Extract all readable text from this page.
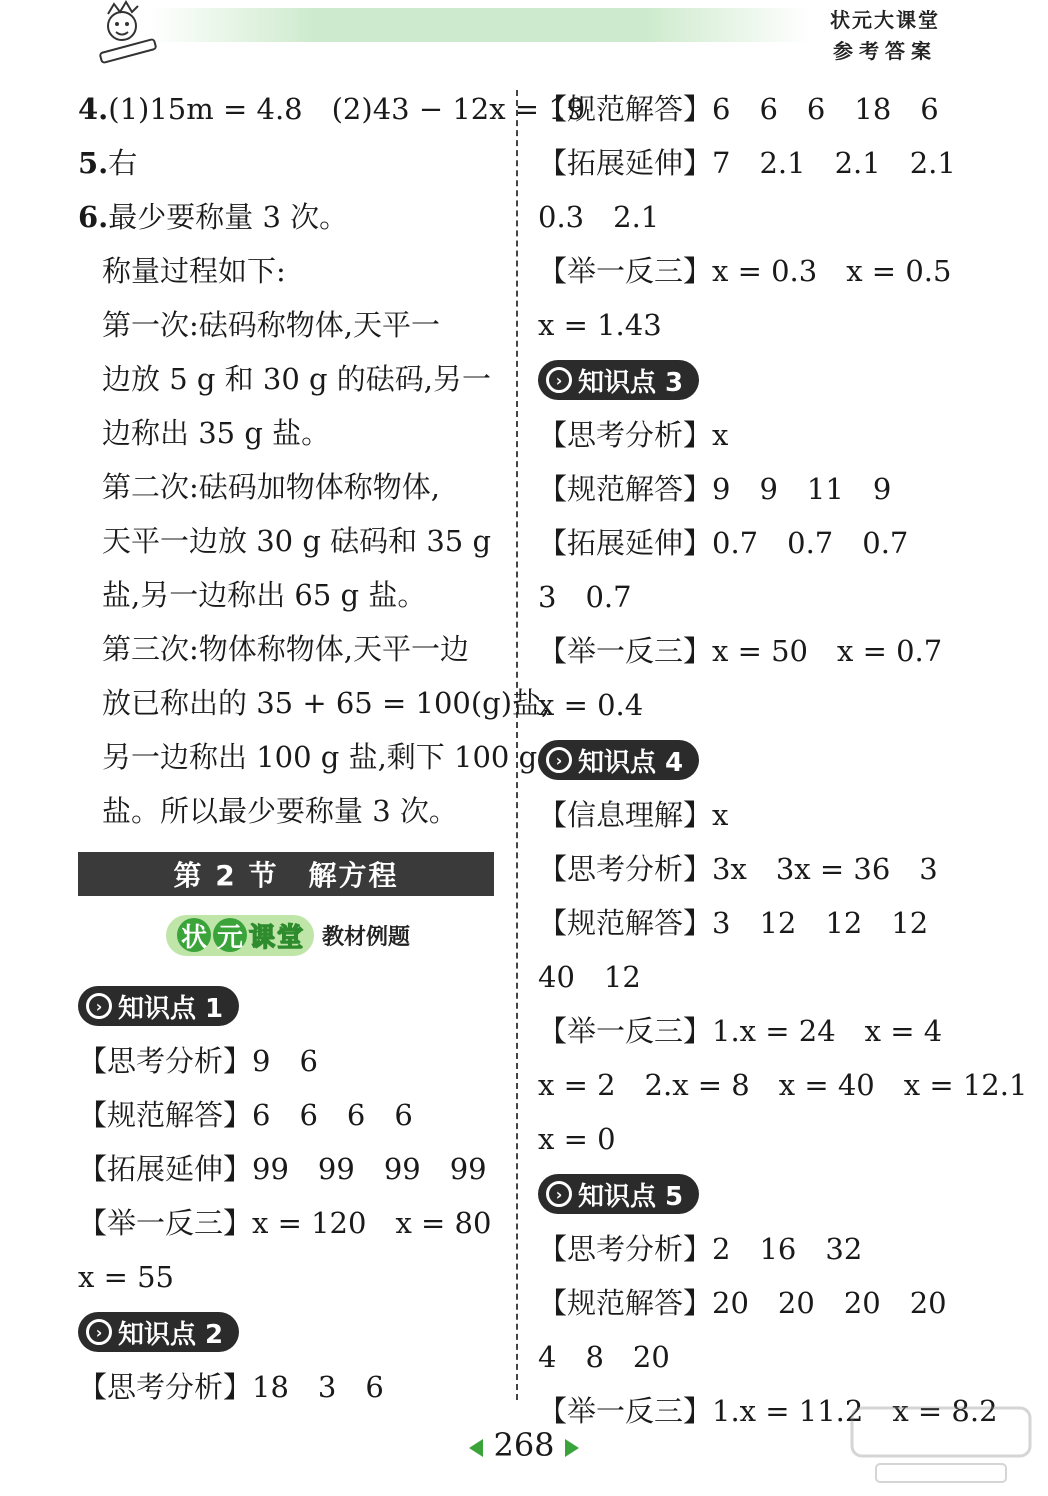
状元大课堂
参考答案
4.(1)15m = 4.8　(2)43 − 12x = 19
5.右
6.最少要称量 3 次。
称量过程如下:
第一次:砝码称物体,天平一
边放 5 g 和 30 g 的砝码,另一
边称出 35 g 盐。
第二次:砝码加物体称物体,
天平一边放 30 g 砝码和 35 g
盐,另一边称出 65 g 盐。
第三次:物体称物体,天平一边
放已称出的 35 + 65 = 100(g)盐,
另一边称出 100 g 盐,剩下 100 g
盐。所以最少要称量 3 次。
第 2 节　解方程
状 元 课 堂 教材例题
› 知识点 1
【思考分析】9　6
【规范解答】6　6　6　6
【拓展延伸】99　99　99　99
【举一反三】x = 120　x = 80
x = 55
› 知识点 2
【思考分析】18　3　6
【规范解答】6　6　6　18　6
【拓展延伸】7　2.1　2.1　2.1
0.3　2.1
【举一反三】x = 0.3　x = 0.5
x = 1.43
› 知识点 3
【思考分析】x
【规范解答】9　9　11　9
【拓展延伸】0.7　0.7　0.7
3　0.7
【举一反三】x = 50　x = 0.7
x = 0.4
› 知识点 4
【信息理解】x
【思考分析】3x　3x = 36　3
【规范解答】3　12　12　12
40　12
【举一反三】1.x = 24　x = 4
x = 2　2.x = 8　x = 40　x = 12.1
x = 0
› 知识点 5
【思考分析】2　16　32
【规范解答】20　20　20　20
4　8　20
【举一反三】1.x = 11.2　x = 8.2
268
